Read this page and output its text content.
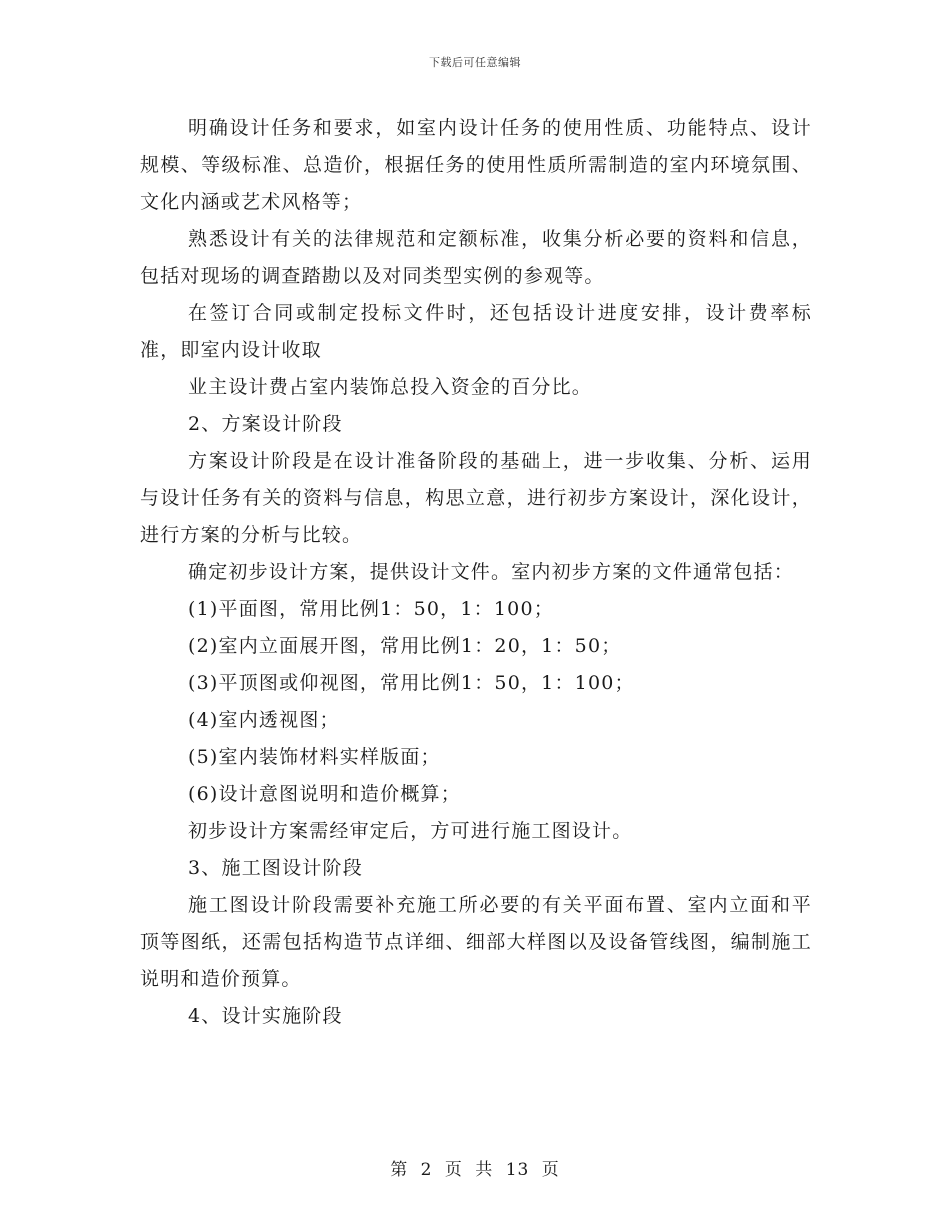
下载后可任意编辑

明确设计任务和要求，如室内设计任务的使用性质、功能特点、设计规模、等级标准、总造价，根据任务的使用性质所需制造的室内环境氛围、文化内涵或艺术风格等；

熟悉设计有关的法律规范和定额标准，收集分析必要的资料和信息，包括对现场的调查踏勘以及对同类型实例的参观等。

在签订合同或制定投标文件时，还包括设计进度安排，设计费率标准，即室内设计收取

业主设计费占室内装饰总投入资金的百分比。

2、方案设计阶段

方案设计阶段是在设计准备阶段的基础上，进一步收集、分析、运用与设计任务有关的资料与信息，构思立意，进行初步方案设计，深化设计，进行方案的分析与比较。

确定初步设计方案，提供设计文件。室内初步方案的文件通常包括：

(1)平面图，常用比例1：50，1：100；

(2)室内立面展开图，常用比例1：20，1：50；

(3)平顶图或仰视图，常用比例1：50，1：100；

(4)室内透视图；

(5)室内装饰材料实样版面；

(6)设计意图说明和造价概算；

初步设计方案需经审定后，方可进行施工图设计。

3、施工图设计阶段

施工图设计阶段需要补充施工所必要的有关平面布置、室内立面和平顶等图纸，还需包括构造节点详细、细部大样图以及设备管线图，编制施工说明和造价预算。

4、设计实施阶段

第 2 页 共 13 页
